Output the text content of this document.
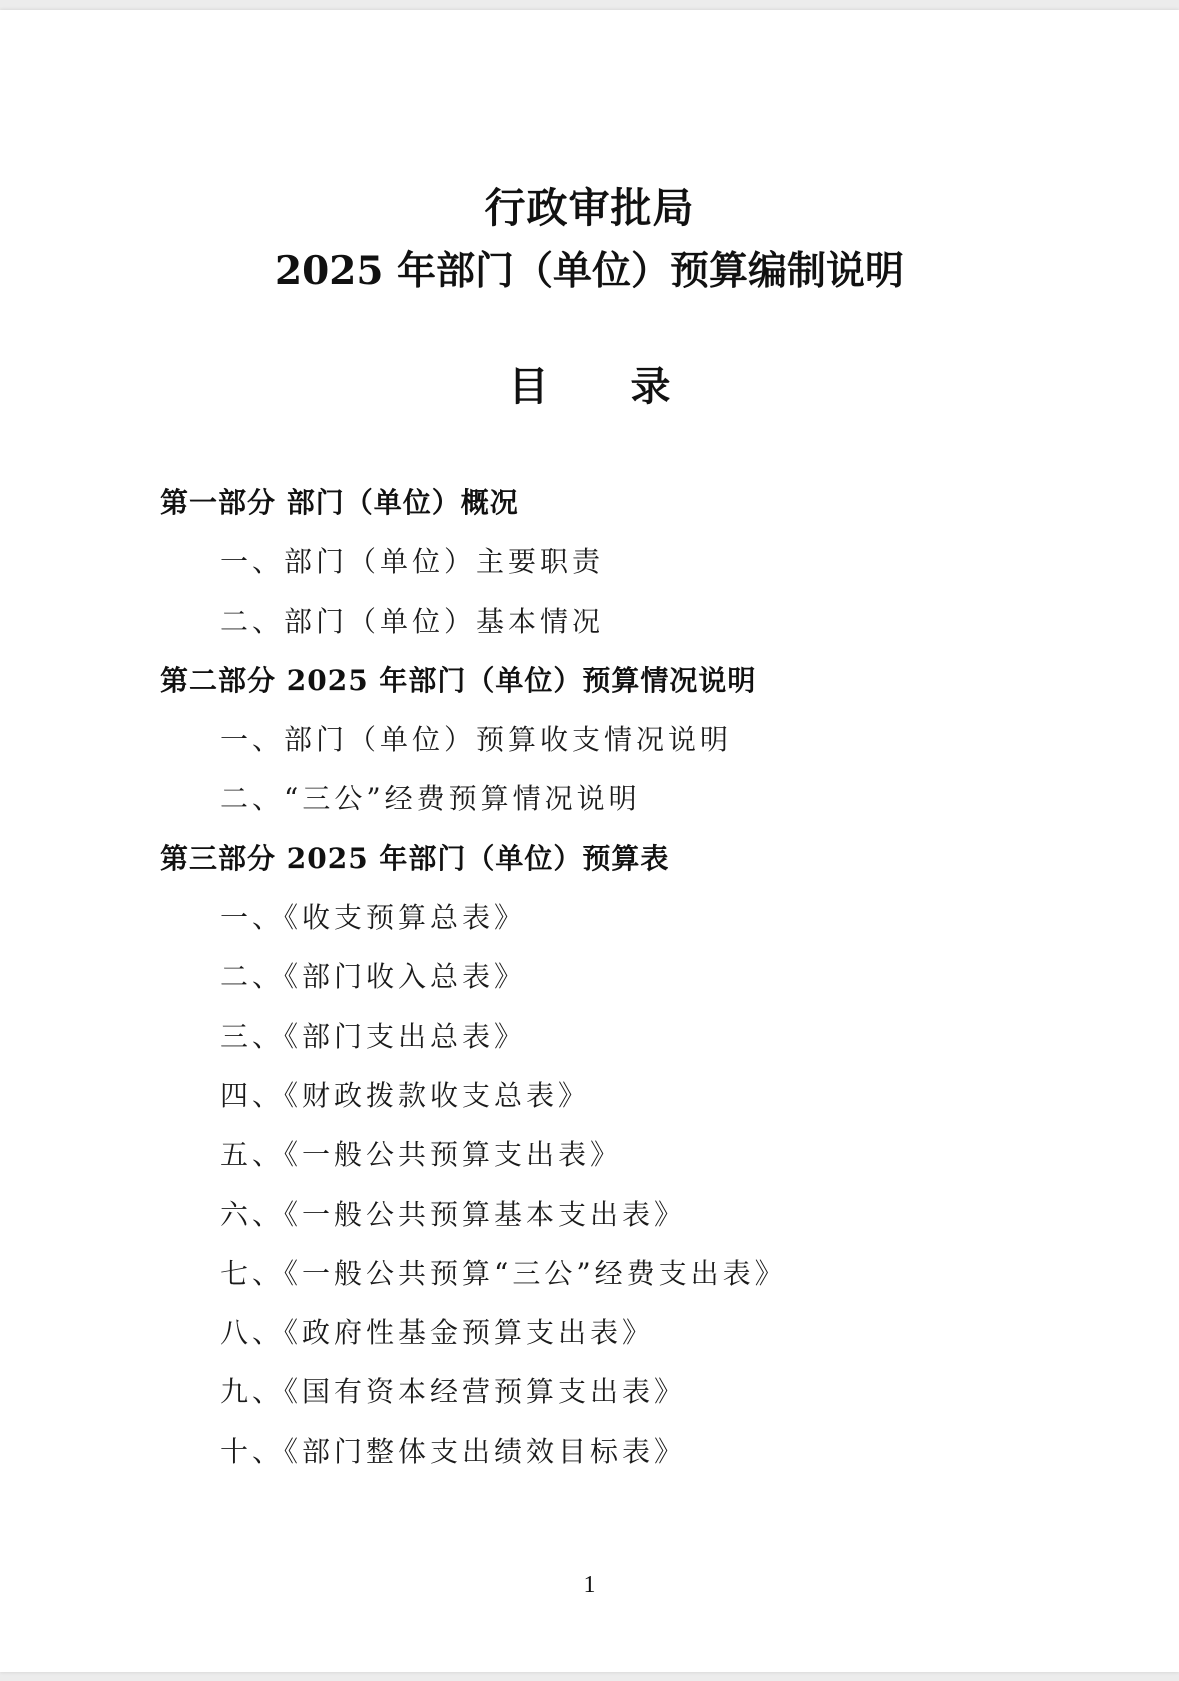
行政审批局
2025 年部门（单位）预算编制说明
目 录
第一部分 部门（单位）概况
一、部门（单位）主要职责
二、部门（单位）基本情况
第二部分 2025 年部门（单位）预算情况说明
一、部门（单位）预算收支情况说明
二、“三公”经费预算情况说明
第三部分 2025 年部门（单位）预算表
一、《收支预算总表》
二、《部门收入总表》
三、《部门支出总表》
四、《财政拨款收支总表》
五、《一般公共预算支出表》
六、《一般公共预算基本支出表》
七、《一般公共预算“三公”经费支出表》
八、《政府性基金预算支出表》
九、《国有资本经营预算支出表》
十、《部门整体支出绩效目标表》
1
